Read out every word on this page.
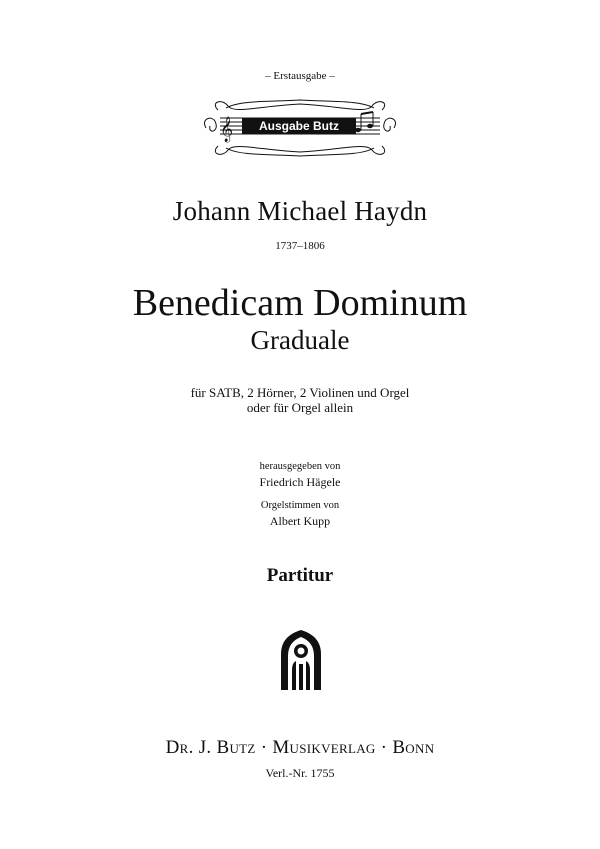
– Erstausgabe –
𝄞 Ausgabe Butz
Johann Michael Haydn
1737–1806
Benedicam Dominum
Graduale
für SATB, 2 Hörner, 2 Violinen und Orgel
oder für Orgel allein
herausgegeben von
Friedrich Hägele
Orgelstimmen von
Albert Kupp
Partitur
Dr. J. Butz · Musikverlag · Bonn
Verl.-Nr. 1755
